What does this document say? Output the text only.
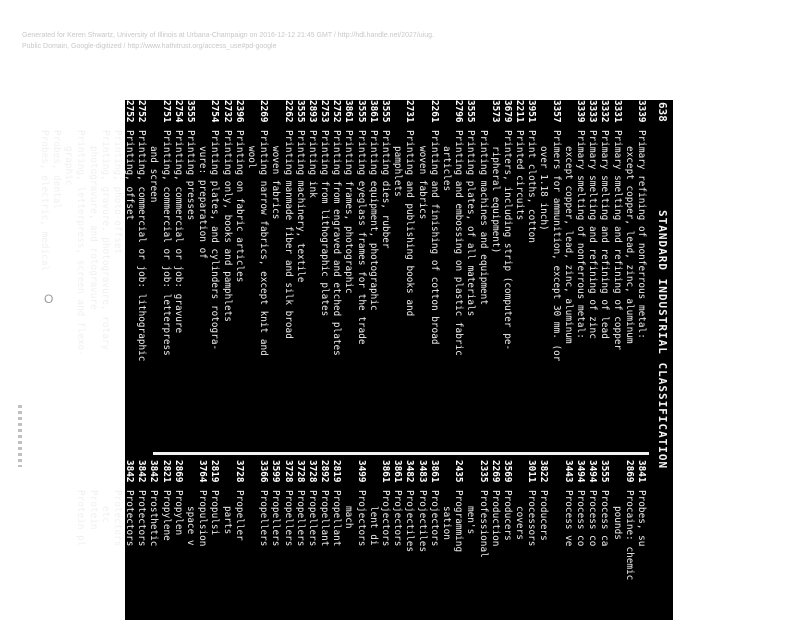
Generated for Keren Shwartz, University of Illinois at Urbana-Champaign on 2016-12-12 21:45 GMT / http://hdl.handle.net/2027/uiug.
Public Domain, Google-digitized / http://www.hathitrust.org/access_use#pd-google
O
638
STANDARD INDUSTRIAL CLASSIFICATION
3339
Primary refining of nonferrous metal:
except copper, lead, zinc, aluminum
3331
Primary smelting and refining of copper
3332
Primary smelting and refining of lead
3333
Primary smelting and refining of zinc
3339
Primary smelting of nonferrous metal:
except copper, lead, zinc, aluminum
3357
Primers for ammunition, except 30 mm. (or
over 1.18 inch)
3951
Print cloths, cotton
2211
Printed circuits
3679
Printers, including strip (computer pe-
3573
ripheral equipment)
Printing machines and equipment
3555
Printing plates, of all materials
2796
Printing and embossing on plastic fabric
articles
2261
Printing and finishing of cotton broad
woven fabrics
2731
Printing and publishing books and
pamphlets
3555
Printing dies, rubber
3861
Printing equipment, photographic
3555
Printing eyeglass frames for the trade
3861
Printing frames, photographic
2752
Printing from engraved and etched plates
2753
Printing from lithographic plates
2893
Printing ink
3555
Printing machinery, textile
2262
Printing manmade fiber and silk broad
woven fabrics
2269
Printing narrow fabrics, except knit and
wool
2396
Printing on fabric articles
2732
Printing only, books and pamphlets
2754
Printing plates, and cylinders rotogra-
vure: preparation of
3555
Printing presses
2754
Printing, commercial or job: gravure
2751
Printing, commercial or job: letterpress
and screen
2752
Printing, commercial or job: lithographic
2752
Printing, offset
2752
Printing, photo-offset
2754
Printing, gravure, photogravure, rotary
photogravure, and rotogravure
2751
Printing, letterpress, screen and flexo-
graphic
3843
Probes, dental
3841
Probes, electric, medical
3841
Probes, su
2869
Procaine: chemic
pounds
3555
Process ca
3494
Process co
3494
Process co
3443
Process ve
3822
Producers
3011
Processors
covers
3569
Producers
2269
Production
2335
Professional
men's
2435
Programming
sation
3861
Projectors
3483
Projectiles
3482
Projectiles
3861
Projectors
3861
Projectors
lent di
3499
Projectors
mach
2819
Propellant
2892
Propellant
3728
Propellers
3728
Propellers
3728
Propellers
3599
Propellers
3366
Propellers
3728
Propeller
parts
2819
Propulsi
3764
Propulsion
space v
2869
Propylen
2821
Propylene
3842
Prosthetic
3842
Protectors
3842
Protectors
3643
Protectors
etc
2834
Protein
2821
Protein pl
